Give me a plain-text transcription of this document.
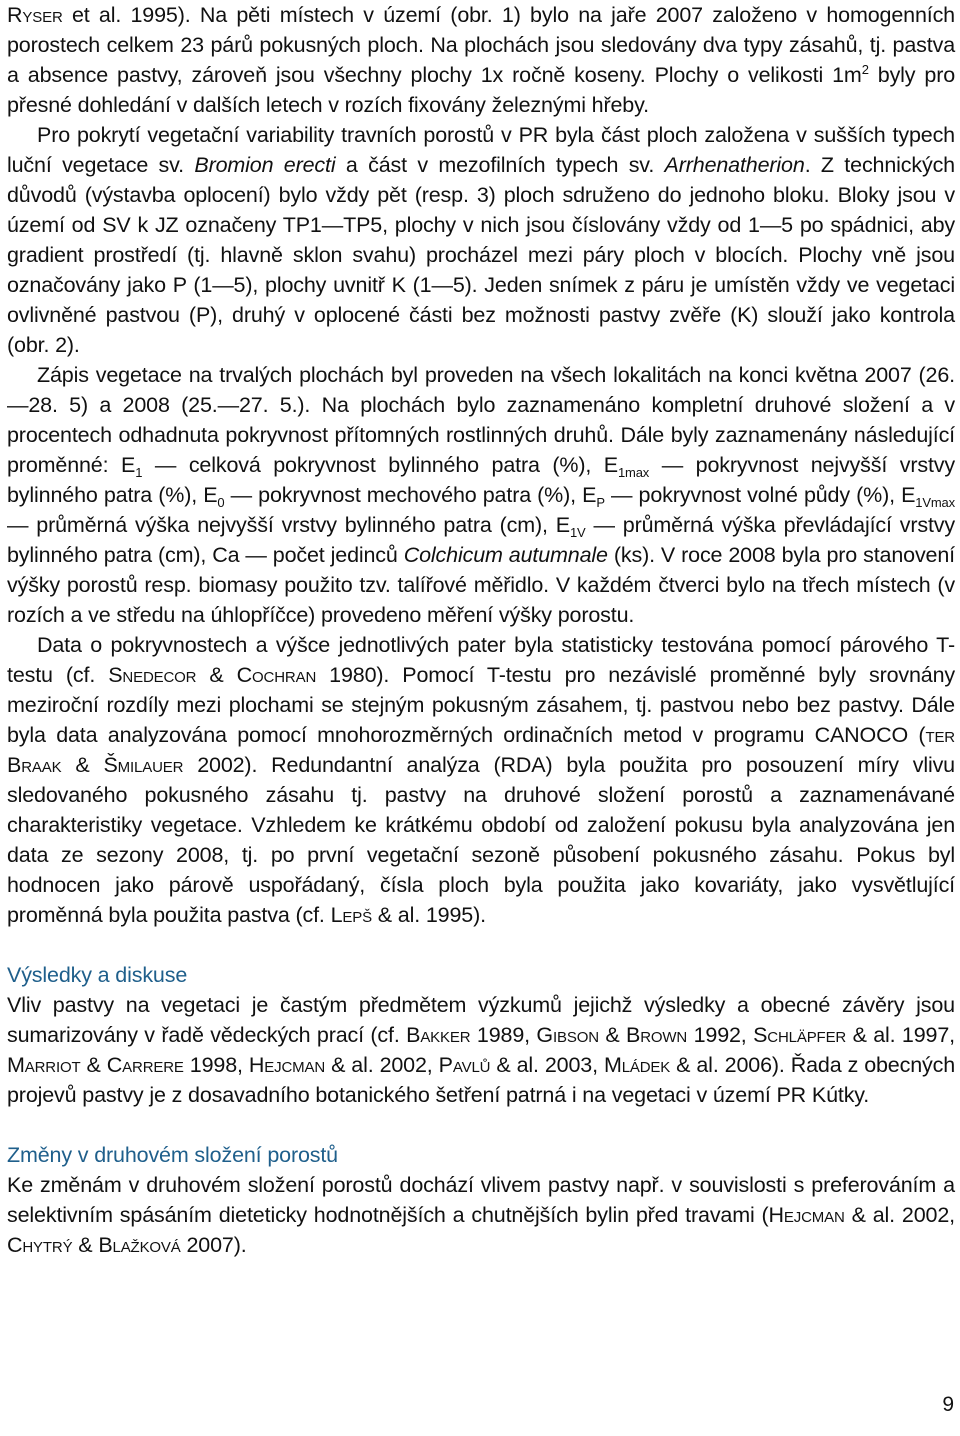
Ryser et al. 1995). Na pěti místech v území (obr. 1) bylo na jaře 2007 založeno v homogenních porostech celkem 23 párů pokusných ploch. Na plochách jsou sledovány dva typy zásahů, tj. pastva a absence pastvy, zároveň jsou všechny plochy 1x ročně koseny. Plochy o velikosti $1m^2$ byly pro přesné dohledání v dalších letech v rozích fixovány železnými hřeby.

Pro pokrytí vegetační variability travních porostů v PR byla část ploch založena v sušších typech luční vegetace sv. Bromion erecti a část v mezofilních typech sv. Arrhenatherion. Z technických důvodů (výstavba oplocení) bylo vždy pět (resp. 3) ploch sdruženo do jednoho bloku. Bloky jsou v území od SV k JZ označeny TP1—TP5, plochy v nich jsou číslovány vždy od 1—5 po spádnici, aby gradient prostředí (tj. hlavně sklon svahu) procházel mezi páry ploch v blocích. Plochy vně jsou označovány jako P (1—5), plochy uvnitř K (1—5). Jeden snímek z páru je umístěn vždy ve vegetaci ovlivněné pastvou (P), druhý v oplocené části bez možnosti pastvy zvěře (K) slouží jako kontrola (obr. 2).

Zápis vegetace na trvalých plochách byl proveden na všech lokalitách na konci května 2007 (26.—28. 5) a 2008 (25.—27. 5.). Na plochách bylo zaznamenáno kompletní druhové složení a v procentech odhadnuta pokryvnost přítomných rostlinných druhů. Dále byly zaznamenány následující proměnné: $E_1$ — celková pokryvnost bylinného patra (%), $E_{1max}$ — pokryvnost nejvyšší vrstvy bylinného patra (%), $E_0$ — pokryvnost mechového patra (%), $E_P$ — pokryvnost volné půdy (%), $E_{1Vmax}$ — průměrná výška nejvyšší vrstvy bylinného patra (cm), $E_{1V}$ — průměrná výška převládající vrstvy bylinného patra (cm), Ca — počet jedinců Colchicum autumnale (ks). V roce 2008 byla pro stanovení výšky porostů resp. biomasy použito tzv. talířové měřidlo. V každém čtverci bylo na třech místech (v rozích a ve středu na úhlopříčce) provedeno měření výšky porostu.

Data o pokryvnostech a výšce jednotlivých pater byla statisticky testována pomocí párového T-testu (cf. Snedecor & Cochran 1980). Pomocí T-testu pro nezávislé proměnné byly srovnány meziroční rozdíly mezi plochami se stejným pokusným zásahem, tj. pastvou nebo bez pastvy. Dále byla data analyzována pomocí mnohorozměrných ordinačních metod v programu CANOCO (ter Braak & Šmilauer 2002). Redundantní analýza (RDA) byla použita pro posouzení míry vlivu sledovaného pokusného zásahu tj. pastvy na druhové složení porostů a zaznamenávané charakteristiky vegetace. Vzhledem ke krátkému období od založení pokusu byla analyzována jen data ze sezony 2008, tj. po první vegetační sezoně působení pokusného zásahu. Pokus byl hodnocen jako párově uspořádaný, čísla ploch byla použita jako kovariáty, jako vysvětlující proměnná byla použita pastva (cf. Lepš & al. 1995).

Výsledky a diskuse

Vliv pastvy na vegetaci je častým předmětem výzkumů jejichž výsledky a obecné závěry jsou sumarizovány v řadě vědeckých prací (cf. Bakker 1989, Gibson & Brown 1992, Schläpfer & al. 1997, Marriot & Carrere 1998, Hejcman & al. 2002, Pavlů & al. 2003, Mládek & al. 2006). Řada z obecných projevů pastvy je z dosavadního botanického šetření patrná i na vegetaci v území PR Kútky.

Změny v druhovém složení porostů

Ke změnám v druhovém složení porostů dochází vlivem pastvy např. v souvislosti s preferováním a selektivním spásáním dieteticky hodnotnějších a chutnějších bylin před travami (Hejcman & al. 2002, Chytrý & Blažková 2007).

9
